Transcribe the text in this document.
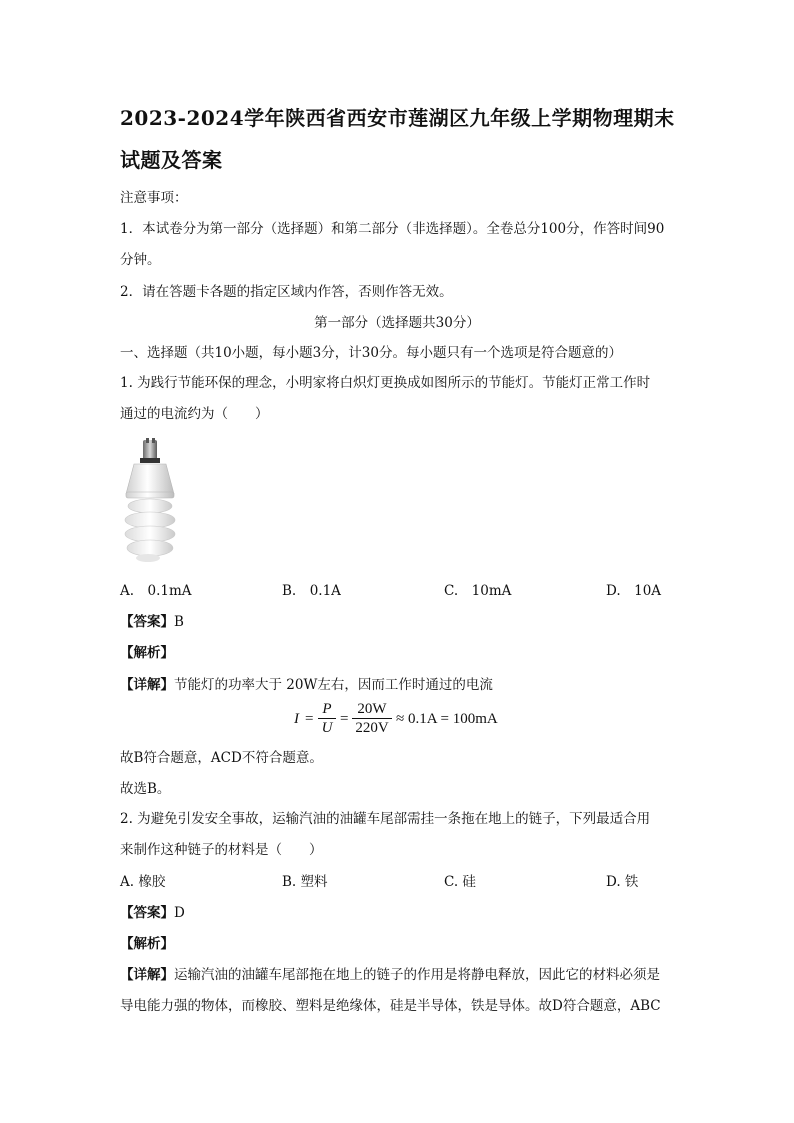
2023-2024学年陕西省西安市莲湖区九年级上学期物理期末
试题及答案
注意事项：
1．本试卷分为第一部分（选择题）和第二部分（非选择题）。全卷总分100分，作答时间90
分钟。
2．请在答题卡各题的指定区域内作答，否则作答无效。
第一部分（选择题共30分）
一、选择题（共10小题，每小题3分，计30分。每小题只有一个选项是符合题意的）
1. 为践行节能环保的理念，小明家将白炽灯更换成如图所示的节能灯。节能灯正常工作时
通过的电流约为（　　）
A.　0.1mA	B.　0.1A	C.　10mA	D.　10A
【答案】B
【解析】
【详解】节能灯的功率大于 20W左右，因而工作时通过的电流
I =
P
U
=
20W
220V
≈ 0.1A = 100mA
故B符合题意，ACD不符合题意。
故选B。
2. 为避免引发安全事故，运输汽油的油罐车尾部需挂一条拖在地上的链子，下列最适合用
来制作这种链子的材料是（　　）
A. 橡胶	B. 塑料	C. 硅	D. 铁
【答案】D
【解析】
【详解】运输汽油的油罐车尾部拖在地上的链子的作用是将静电释放，因此它的材料必须是
导电能力强的物体，而橡胶、塑料是绝缘体，硅是半导体，铁是导体。故D符合题意，ABC
